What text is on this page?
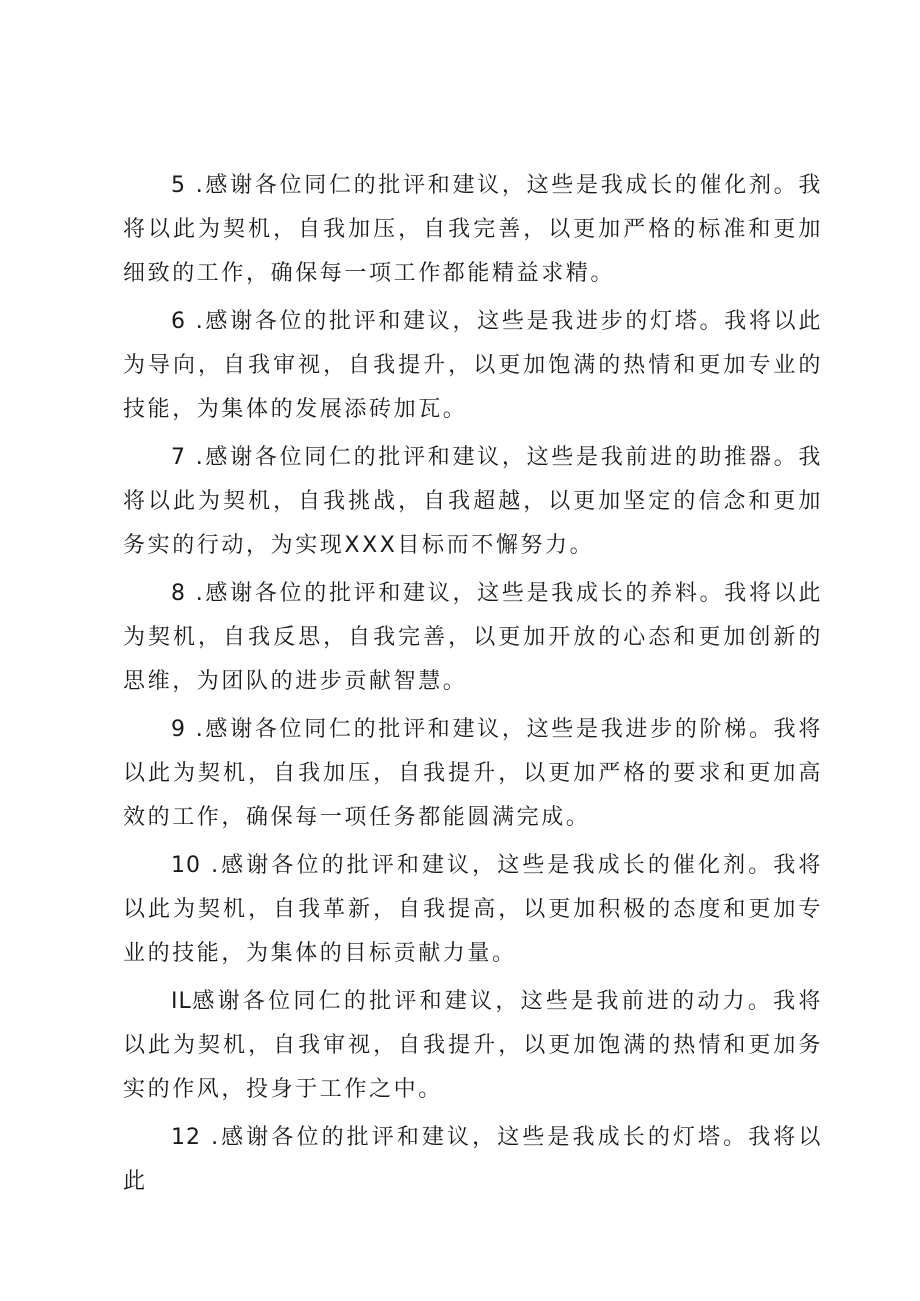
5 .感谢各位同仁的批评和建议，这些是我成长的催化剂。我将以此为契机，自我加压，自我完善，以更加严格的标准和更加细致的工作，确保每一项工作都能精益求精。

6 .感谢各位的批评和建议，这些是我进步的灯塔。我将以此为导向，自我审视，自我提升，以更加饱满的热情和更加专业的技能，为集体的发展添砖加瓦。

7 .感谢各位同仁的批评和建议，这些是我前进的助推器。我将以此为契机，自我挑战，自我超越，以更加坚定的信念和更加务实的行动，为实现XXX目标而不懈努力。

8 .感谢各位的批评和建议，这些是我成长的养料。我将以此为契机，自我反思，自我完善，以更加开放的心态和更加创新的思维，为团队的进步贡献智慧。

9 .感谢各位同仁的批评和建议，这些是我进步的阶梯。我将以此为契机，自我加压，自我提升，以更加严格的要求和更加高效的工作，确保每一项任务都能圆满完成。

10 .感谢各位的批评和建议，这些是我成长的催化剂。我将以此为契机，自我革新，自我提高，以更加积极的态度和更加专业的技能，为集体的目标贡献力量。

IL感谢各位同仁的批评和建议，这些是我前进的动力。我将以此为契机，自我审视，自我提升，以更加饱满的热情和更加务实的作风，投身于工作之中。

12 .感谢各位的批评和建议，这些是我成长的灯塔。我将以此
